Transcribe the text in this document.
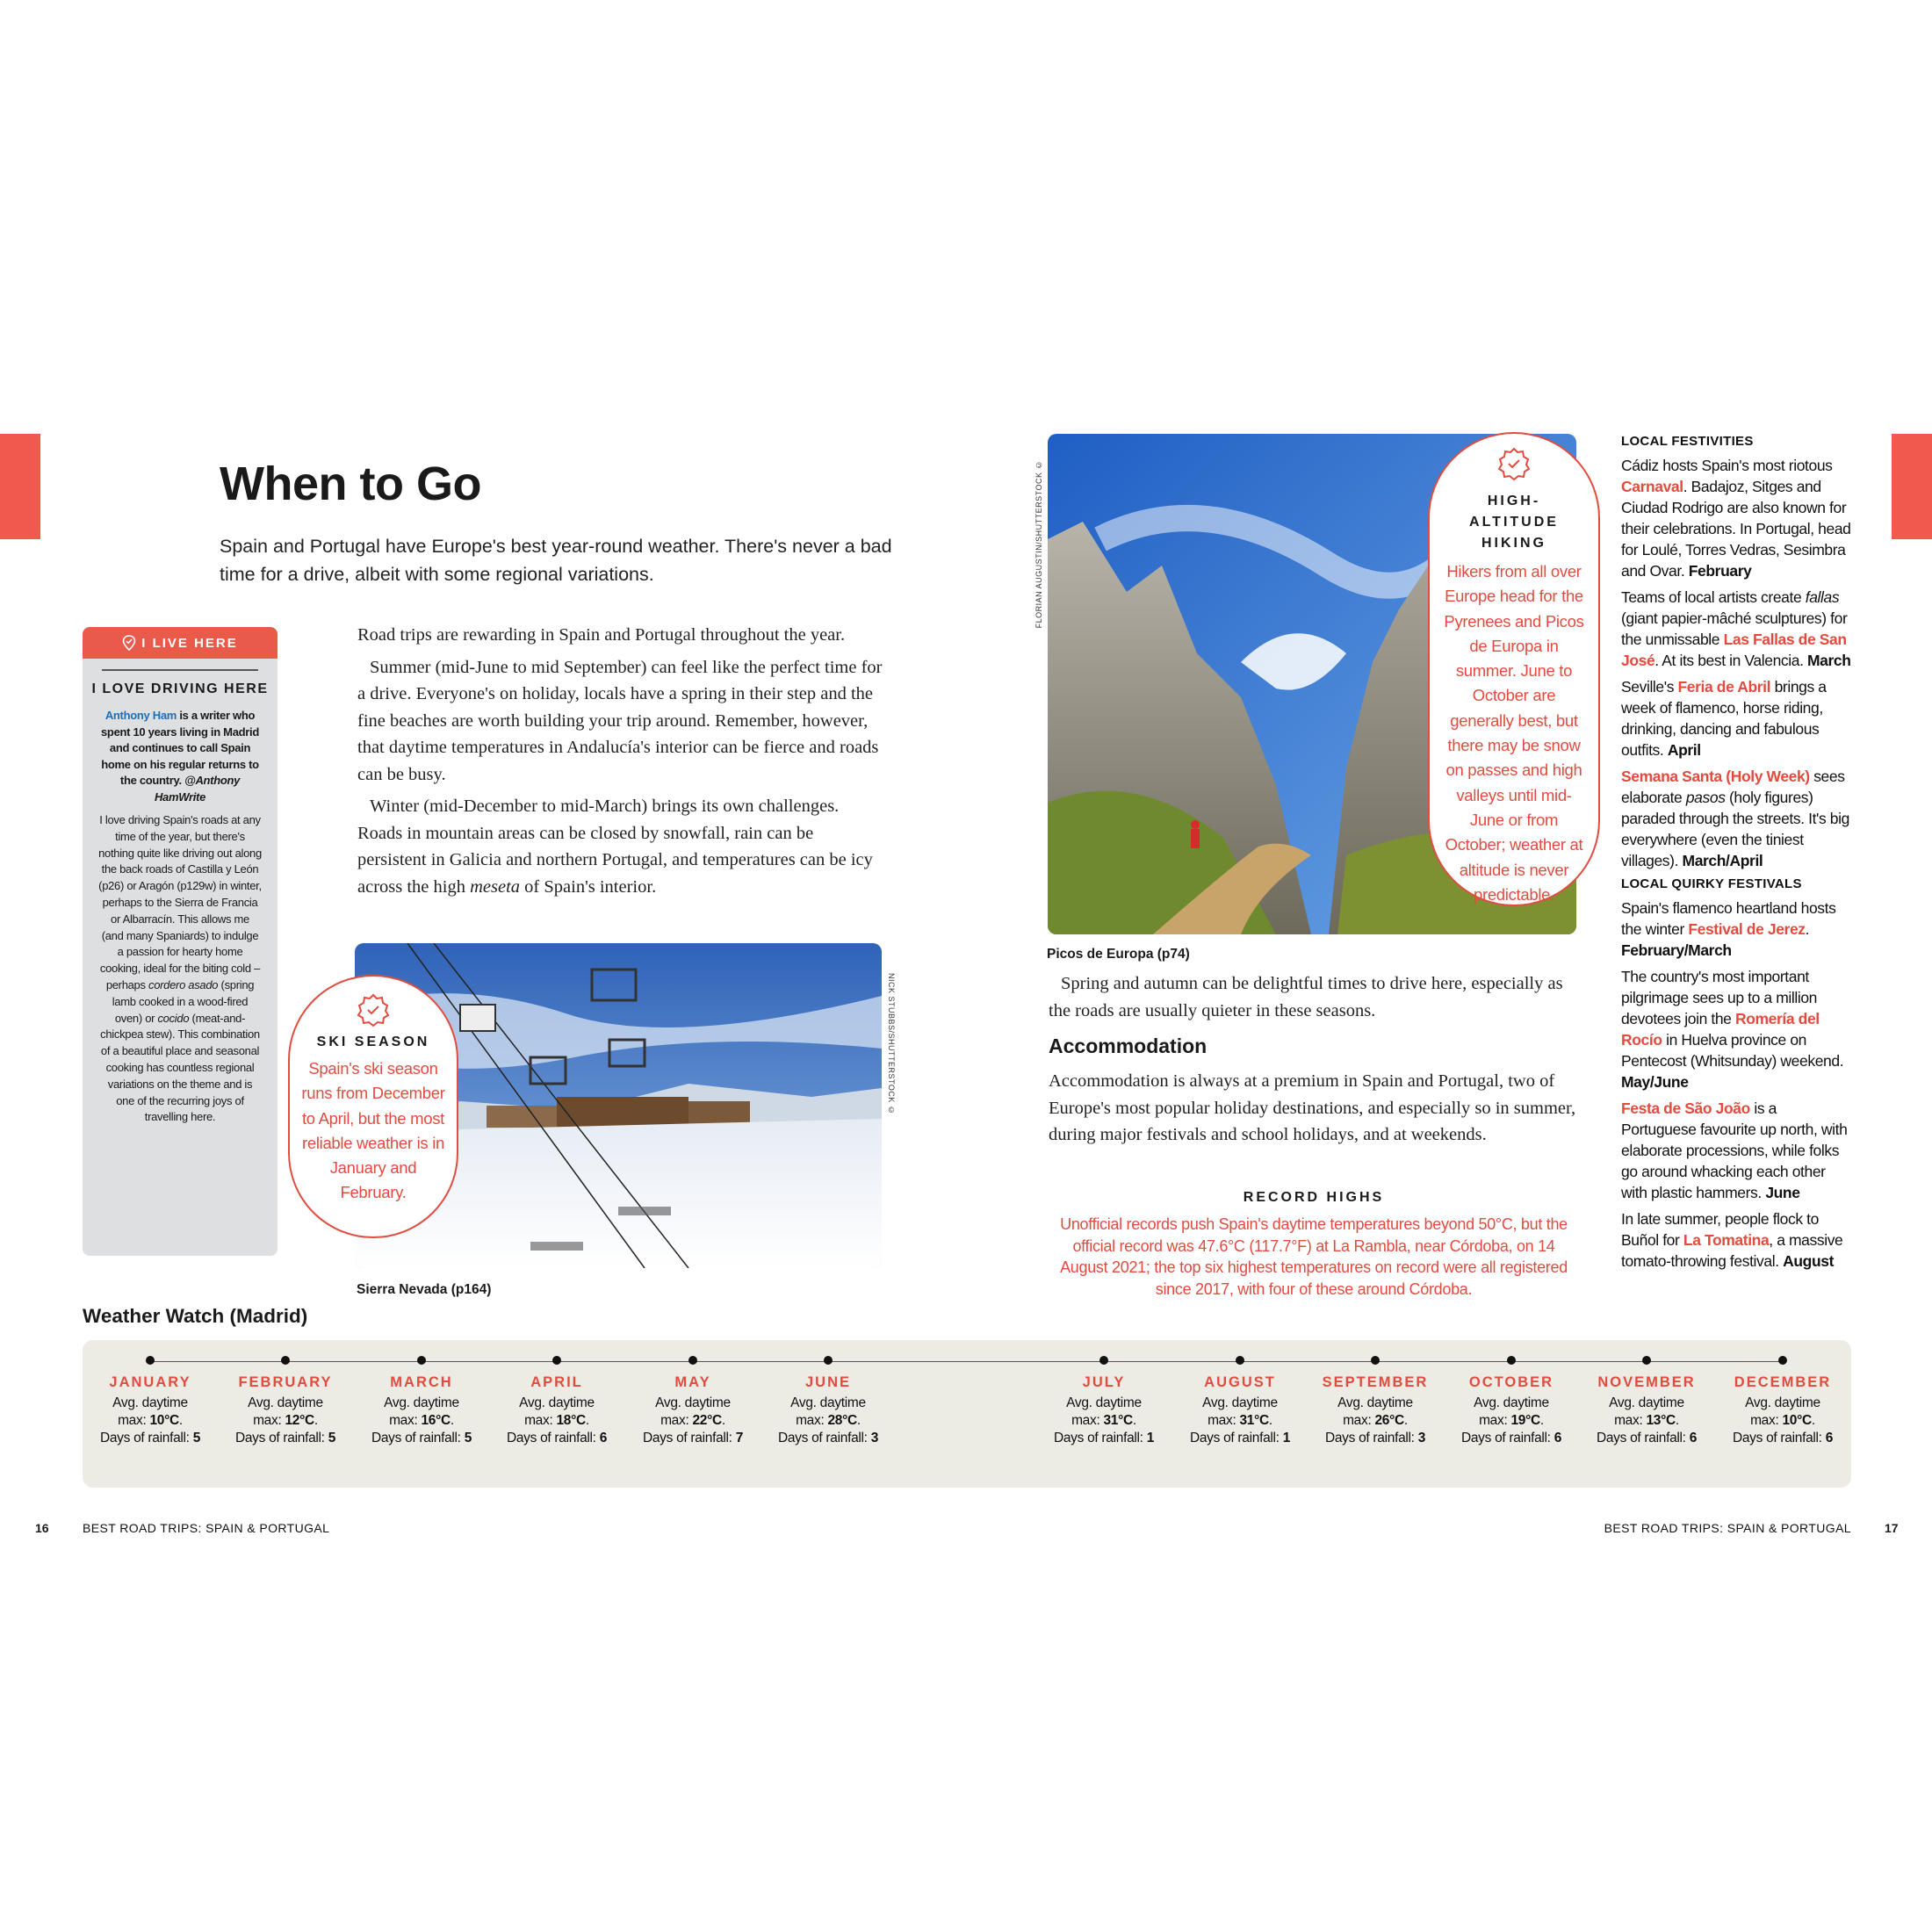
When to Go

Spain and Portugal have Europe's best year-round weather. There's never a bad time for a drive, albeit with some regional variations.

I LIVE HERE
I LOVE DRIVING HERE
Anthony Ham is a writer who spent 10 years living in Madrid and continues to call Spain home on his regular returns to the country. @Anthony HamWrite
I love driving Spain's roads at any time of the year, but there's nothing quite like driving out along the back roads of Castilla y León (p26) or Aragón (p129w) in winter, perhaps to the Sierra de Francia or Albarracín. This allows me (and many Spaniards) to indulge a passion for hearty home cooking, ideal for the biting cold – perhaps cordero asado (spring lamb cooked in a wood-fired oven) or cocido (meat-and-chickpea stew). This combination of a beautiful place and seasonal cooking has countless regional variations on the theme and is one of the recurring joys of travelling here.

Road trips are rewarding in Spain and Portugal throughout the year.

Summer (mid-June to mid September) can feel like the perfect time for a drive. Everyone's on holiday, locals have a spring in their step and the fine beaches are worth building your trip around. Remember, however, that daytime temperatures in Andalucía's interior can be fierce and roads can be busy.

Winter (mid-December to mid-March) brings its own challenges. Roads in mountain areas can be closed by snowfall, rain can be persistent in Galicia and northern Portugal, and temperatures can be icy across the high meseta of Spain's interior.

NICK STUBBS/SHUTTERSTOCK ©
Sierra Nevada (p164)
SKI SEASON
Spain's ski season runs from December to April, but the most reliable weather is in January and February.
FLORIAN AUGUSTIN/SHUTTERSTOCK ©
Picos de Europa (p74)
HIGH-ALTITUDE HIKING
Hikers from all over Europe head for the Pyrenees and Picos de Europa in summer. June to October are generally best, but there may be snow on passes and high valleys until mid-June or from October; weather at altitude is never predictable.

Spring and autumn can be delightful times to drive here, especially as the roads are usually quieter in these seasons.

Accommodation

Accommodation is always at a premium in Spain and Portugal, two of Europe's most popular holiday destinations, and especially so in summer, during major festivals and school holidays, and at weekends.

RECORD HIGHS
Unofficial records push Spain's daytime temperatures beyond 50°C, but the official record was 47.6°C (117.7°F) at La Rambla, near Córdoba, on 14 August 2021; the top six highest temperatures on record were all registered since 2017, with four of these around Córdoba.
LOCAL FESTIVITIES

Cádiz hosts Spain's most riotous Carnaval. Badajoz, Sitges and Ciudad Rodrigo are also known for their celebrations. In Portugal, head for Loulé, Torres Vedras, Sesimbra and Ovar. February

Teams of local artists create fallas (giant papier-mâché sculptures) for the unmissable Las Fallas de San José. At its best in Valencia. March

Seville's Feria de Abril brings a week of flamenco, horse riding, drinking, dancing and fabulous outfits. April

Semana Santa (Holy Week) sees elaborate pasos (holy figures) paraded through the streets. It's big everywhere (even the tiniest villages). March/April

LOCAL QUIRKY FESTIVALS

Spain's flamenco heartland hosts the winter Festival de Jerez. February/March

The country's most important pilgrimage sees up to a million devotees join the Romería del Rocío in Huelva province on Pentecost (Whitsunday) weekend. May/June

Festa de São João is a Portuguese favourite up north, with elaborate processions, while folks go around whacking each other with plastic hammers. June

In late summer, people flock to Buñol for La Tomatina, a massive tomato-throwing festival. August

Weather Watch (Madrid)
JANUARY
Avg. daytime
max: 10°C.
Days of rainfall: 5
FEBRUARY
Avg. daytime
max: 12°C.
Days of rainfall: 5
MARCH
Avg. daytime
max: 16°C.
Days of rainfall: 5
APRIL
Avg. daytime
max: 18°C.
Days of rainfall: 6
MAY
Avg. daytime
max: 22°C.
Days of rainfall: 7
JUNE
Avg. daytime
max: 28°C.
Days of rainfall: 3
JULY
Avg. daytime
max: 31°C.
Days of rainfall: 1
AUGUST
Avg. daytime
max: 31°C.
Days of rainfall: 1
SEPTEMBER
Avg. daytime
max: 26°C.
Days of rainfall: 3
OCTOBER
Avg. daytime
max: 19°C.
Days of rainfall: 6
NOVEMBER
Avg. daytime
max: 13°C.
Days of rainfall: 6
DECEMBER
Avg. daytime
max: 10°C.
Days of rainfall: 6
16	BEST ROAD TRIPS: SPAIN & PORTUGAL	BEST ROAD TRIPS: SPAIN & PORTUGAL	17
